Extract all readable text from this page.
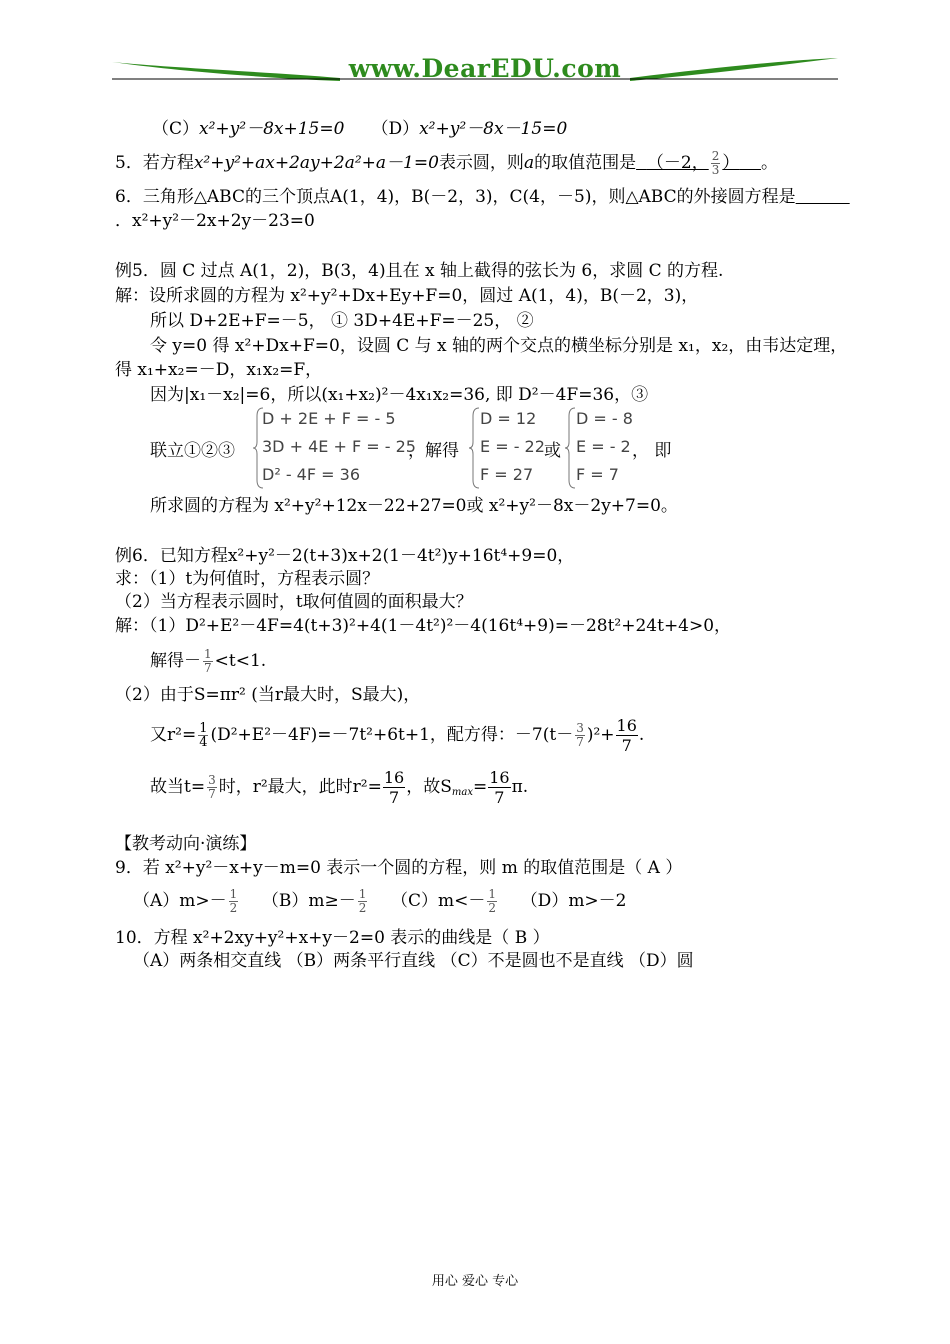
www.DearEDU.com
（C）x²+y²－8x+15=0 （D）x²+y²－8x－15=0
5．若方程x²+y²+ax+2ay+2a²+a－1=0表示圆，则a的取值范围是 （－2， $\frac{2}{3}$ ） 。
6．三角形△ABC的三个顶点A(1，4)，B(－2，3)，C(4，－5)，则△ABC的外接圆方程是
．x²+y²－2x+2y－23=0
例5．圆 C 过点 A(1，2)，B(3，4)且在 x 轴上截得的弦长为 6，求圆 C 的方程.
解：设所求圆的方程为 x²+y²+Dx+Ey+F=0，圆过 A(1，4)，B(－2，3)，
所以 D+2E+F=－5， ① 3D+4E+F=－25， ②
令 y=0 得 x²+Dx+F=0，设圆 C 与 x 轴的两个交点的横坐标分别是 x₁，x₂，由韦达定理，
得 x₁+x₂=－D，x₁x₂=F，
因为|x₁－x₂|=6，所以(x₁+x₂)²－4x₁x₂=36, 即 D²－4F=36，③
联立①②③
D + 2E + F = - 5
3D + 4E + F = - 25
D² - 4F = 36
，解得
D = 12
E = - 22
F = 27
或
D = - 8
E = - 2
F = 7
， 即
所求圆的方程为 x²+y²+12x－22+27=0或 x²+y²－8x－2y+7=0。
例6．已知方程x²+y²－2(t+3)x+2(1－4t²)y+16t⁴+9=0，
求：（1）t为何值时，方程表示圆？
（2）当方程表示圆时，t取何值圆的面积最大？
解：（1）D²+E²－4F=4(t+3)²+4(1－4t²)²－4(16t⁴+9)=－28t²+24t+4>0，
解得－ $\frac{1}{7} <t<1$.
（2）由于S=πr² (当r最大时，S最大)，
又$r^2= \frac{1}{4} (D^2+E^2-4F)=-7t^2+6t+1$，配方得：$-7(t- \frac{3}{7} )^2+ \frac{16}{7}$ .
故当$t= \frac{3}{7}$ 时，r²最大，此时$r^2= \frac{16}{7}$ ，故$S_{max}= \frac{16}{7} \pi$.
【教考动向·演练】
9．若 x²+y²－x+y－m=0 表示一个圆的方程，则 m 的取值范围是（ A ）
$(A)m>- \frac{1}{2} (B)m\ge- \frac{1}{2} (C)m<- \frac{1}{2} (D)m>-2$
10．方程 x²+2xy+y²+x+y－2=0 表示的曲线是（ B ）
（A）两条相交直线 （B）两条平行直线 （C）不是圆也不是直线 （D）圆
用心 爱心 专心
